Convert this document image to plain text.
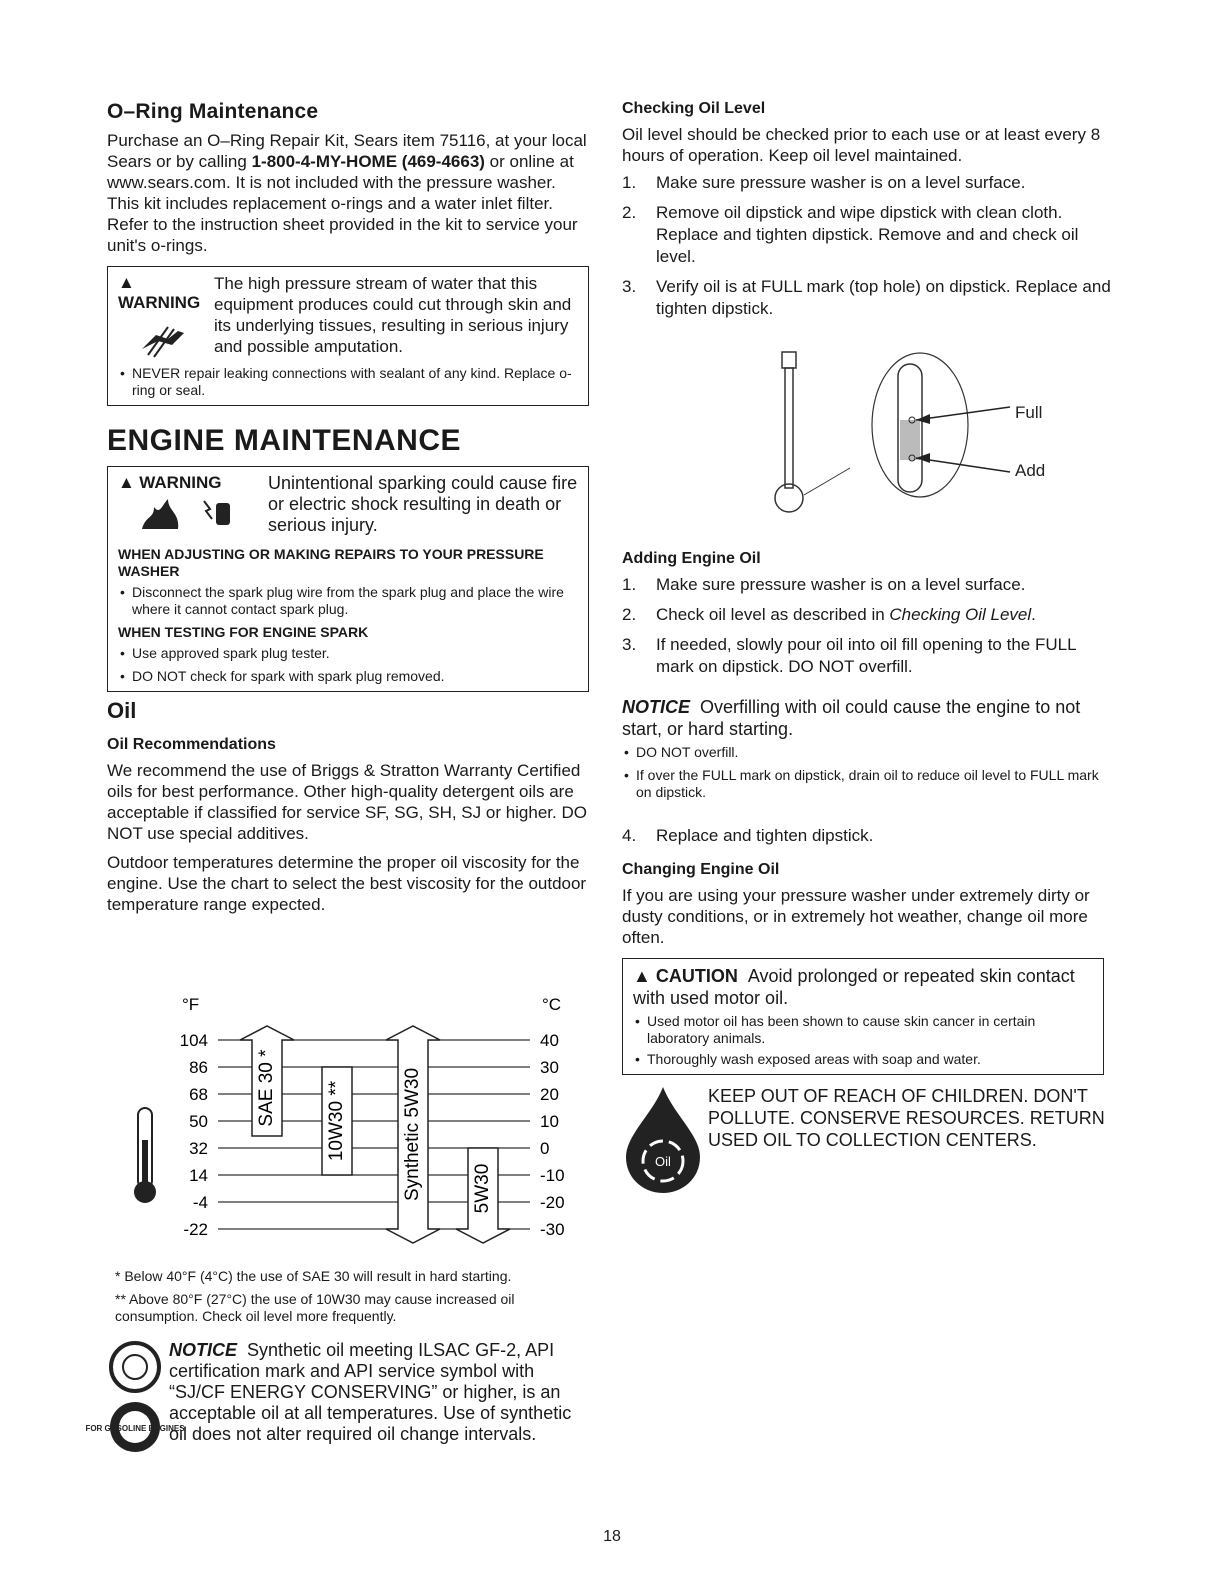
O–Ring Maintenance

Purchase an O–Ring Repair Kit, Sears item 75116, at your local Sears or by calling 1-800-4-MY-HOME (469-4663) or online at www.sears.com. It is not included with the pressure washer. This kit includes replacement o-rings and a water inlet filter. Refer to the instruction sheet provided in the kit to service your unit's o-rings.

▲ WARNING

The high pressure stream of water that this equipment produces could cut through skin and its underlying tissues, resulting in serious injury and possible amputation.

• NEVER repair leaking connections with sealant of any kind. Replace o-ring or seal.
ENGINE MAINTENANCE
▲ WARNING	Unintentional sparking could cause fire or electric shock resulting in death or serious injury.

WHEN ADJUSTING OR MAKING REPAIRS TO YOUR PRESSURE WASHER
• Disconnect the spark plug wire from the spark plug and place the wire where it cannot contact spark plug.
WHEN TESTING FOR ENGINE SPARK
• Use approved spark plug tester.
• DO NOT check for spark with spark plug removed.
Oil
Oil Recommendations

We recommend the use of Briggs & Stratton Warranty Certified oils for best performance. Other high-quality detergent oils are acceptable if classified for service SF, SG, SH, SJ or higher. DO NOT use special additives.

Outdoor temperatures determine the proper oil viscosity for the engine. Use the chart to select the best viscosity for the outdoor temperature range expected.

°F	°C
104	40
86	30
68	20
50	10
32	0
14	-10
-4	-20
-22	-30
SAE 30 *	10W30 **	Synthetic 5W30	5W30
* Below 40°F (4°C) the use of SAE 30 will result in hard starting.
** Above 80°F (27°C) the use of 10W30 may cause increased oil consumption. Check oil level more frequently.

FOR GASOLINE ENGINES

NOTICE Synthetic oil meeting ILSAC GF-2, API certification mark and API service symbol with “SJ/CF ENERGY CONSERVING” or higher, is an acceptable oil at all temperatures. Use of synthetic oil does not alter required oil change intervals.

Checking Oil Level

Oil level should be checked prior to each use or at least every 8 hours of operation. Keep oil level maintained.

1. Make sure pressure washer is on a level surface.
2. Remove oil dipstick and wipe dipstick with clean cloth. Replace and tighten dipstick. Remove and and check oil level.
3. Verify oil is at FULL mark (top hole) on dipstick. Replace and tighten dipstick.
Full
Add
Adding Engine Oil
1. Make sure pressure washer is on a level surface.
2. Check oil level as described in Checking Oil Level.
3. If needed, slowly pour oil into oil fill opening to the FULL mark on dipstick. DO NOT overfill.

NOTICE Overfilling with oil could cause the engine to not start, or hard starting.

• DO NOT overfill.
• If over the FULL mark on dipstick, drain oil to reduce oil level to FULL mark on dipstick.
4. Replace and tighten dipstick.
Changing Engine Oil

If you are using your pressure washer under extremely dirty or dusty conditions, or in extremely hot weather, change oil more often.

▲ CAUTION Avoid prolonged or repeated skin contact with used motor oil.

• Used motor oil has been shown to cause skin cancer in certain laboratory animals.
• Thoroughly wash exposed areas with soap and water.
Oil

KEEP OUT OF REACH OF CHILDREN. DON'T POLLUTE. CONSERVE RESOURCES. RETURN USED OIL TO COLLECTION CENTERS.

18
